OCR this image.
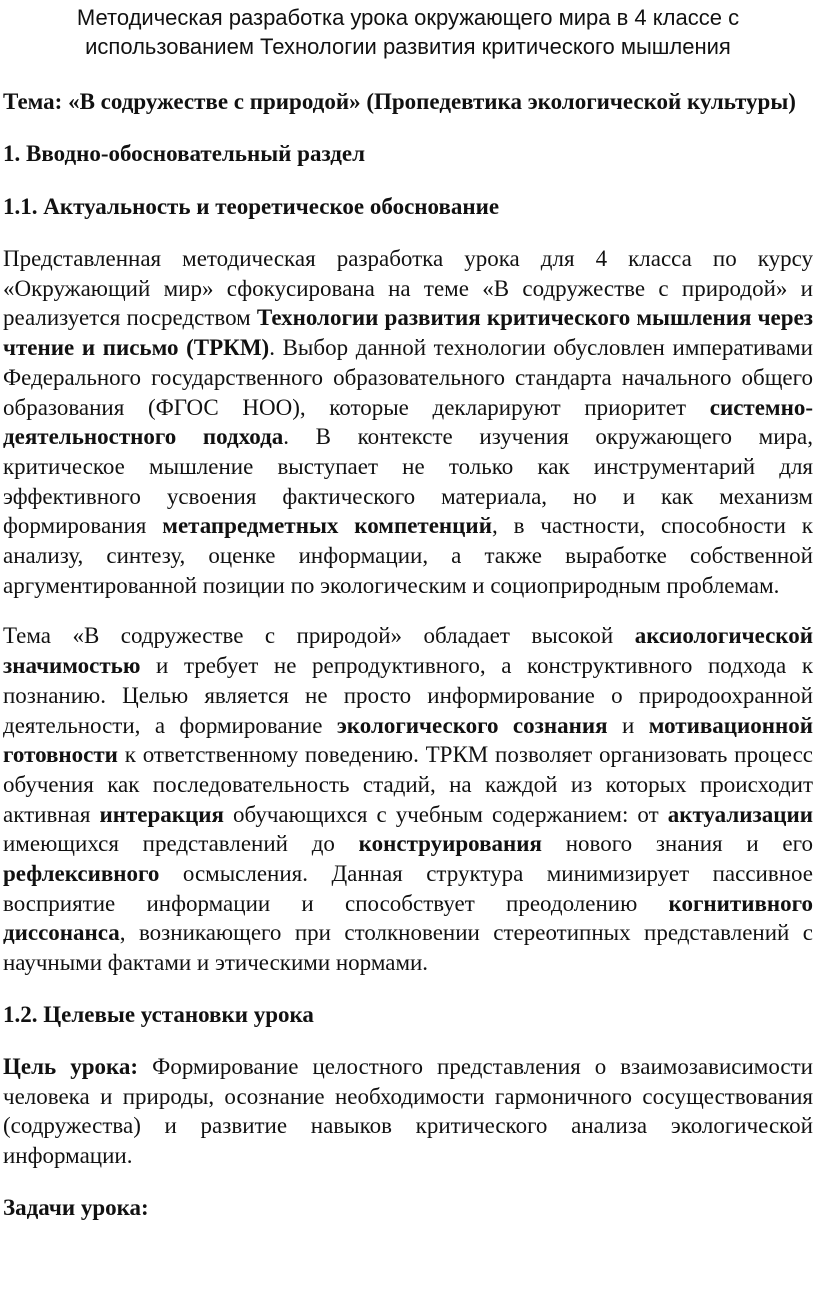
Методическая разработка урока окружающего мира в 4 классе с
использованием Технологии развития критического мышления

Тема: «В содружестве с природой» (Пропедевтика экологической культуры)

1. Вводно-обосновательный раздел

1.1. Актуальность и теоретическое обоснование

Представленная методическая разработка урока для 4 класса по курсу «Окружающий мир» сфокусирована на теме «В содружестве с природой» и реализуется посредством Технологии развития критического мышления через чтение и письмо (ТРКМ). Выбор данной технологии обусловлен императивами Федерального государственного образовательного стандарта начального общего образования (ФГОС НОО), которые декларируют приоритет системно-деятельностного подхода. В контексте изучения окружающего мира, критическое мышление выступает не только как инструментарий для эффективного усвоения фактического материала, но и как механизм формирования метапредметных компетенций, в частности, способности к анализу, синтезу, оценке информации, а также выработке собственной аргументированной позиции по экологическим и социоприродным проблемам.

Тема «В содружестве с природой» обладает высокой аксиологической значимостью и требует не репродуктивного, а конструктивного подхода к познанию. Целью является не просто информирование о природоохранной деятельности, а формирование экологического сознания и мотивационной готовности к ответственному поведению. ТРКМ позволяет организовать процесс обучения как последовательность стадий, на каждой из которых происходит активная интеракция обучающихся с учебным содержанием: от актуализации имеющихся представлений до конструирования нового знания и его рефлексивного осмысления. Данная структура минимизирует пассивное восприятие информации и способствует преодолению когнитивного диссонанса, возникающего при столкновении стереотипных представлений с научными фактами и этическими нормами.

1.2. Целевые установки урока

Цель урока: Формирование целостного представления о взаимозависимости человека и природы, осознание необходимости гармоничного сосуществования (содружества) и развитие навыков критического анализа экологической информации.

Задачи урока:
